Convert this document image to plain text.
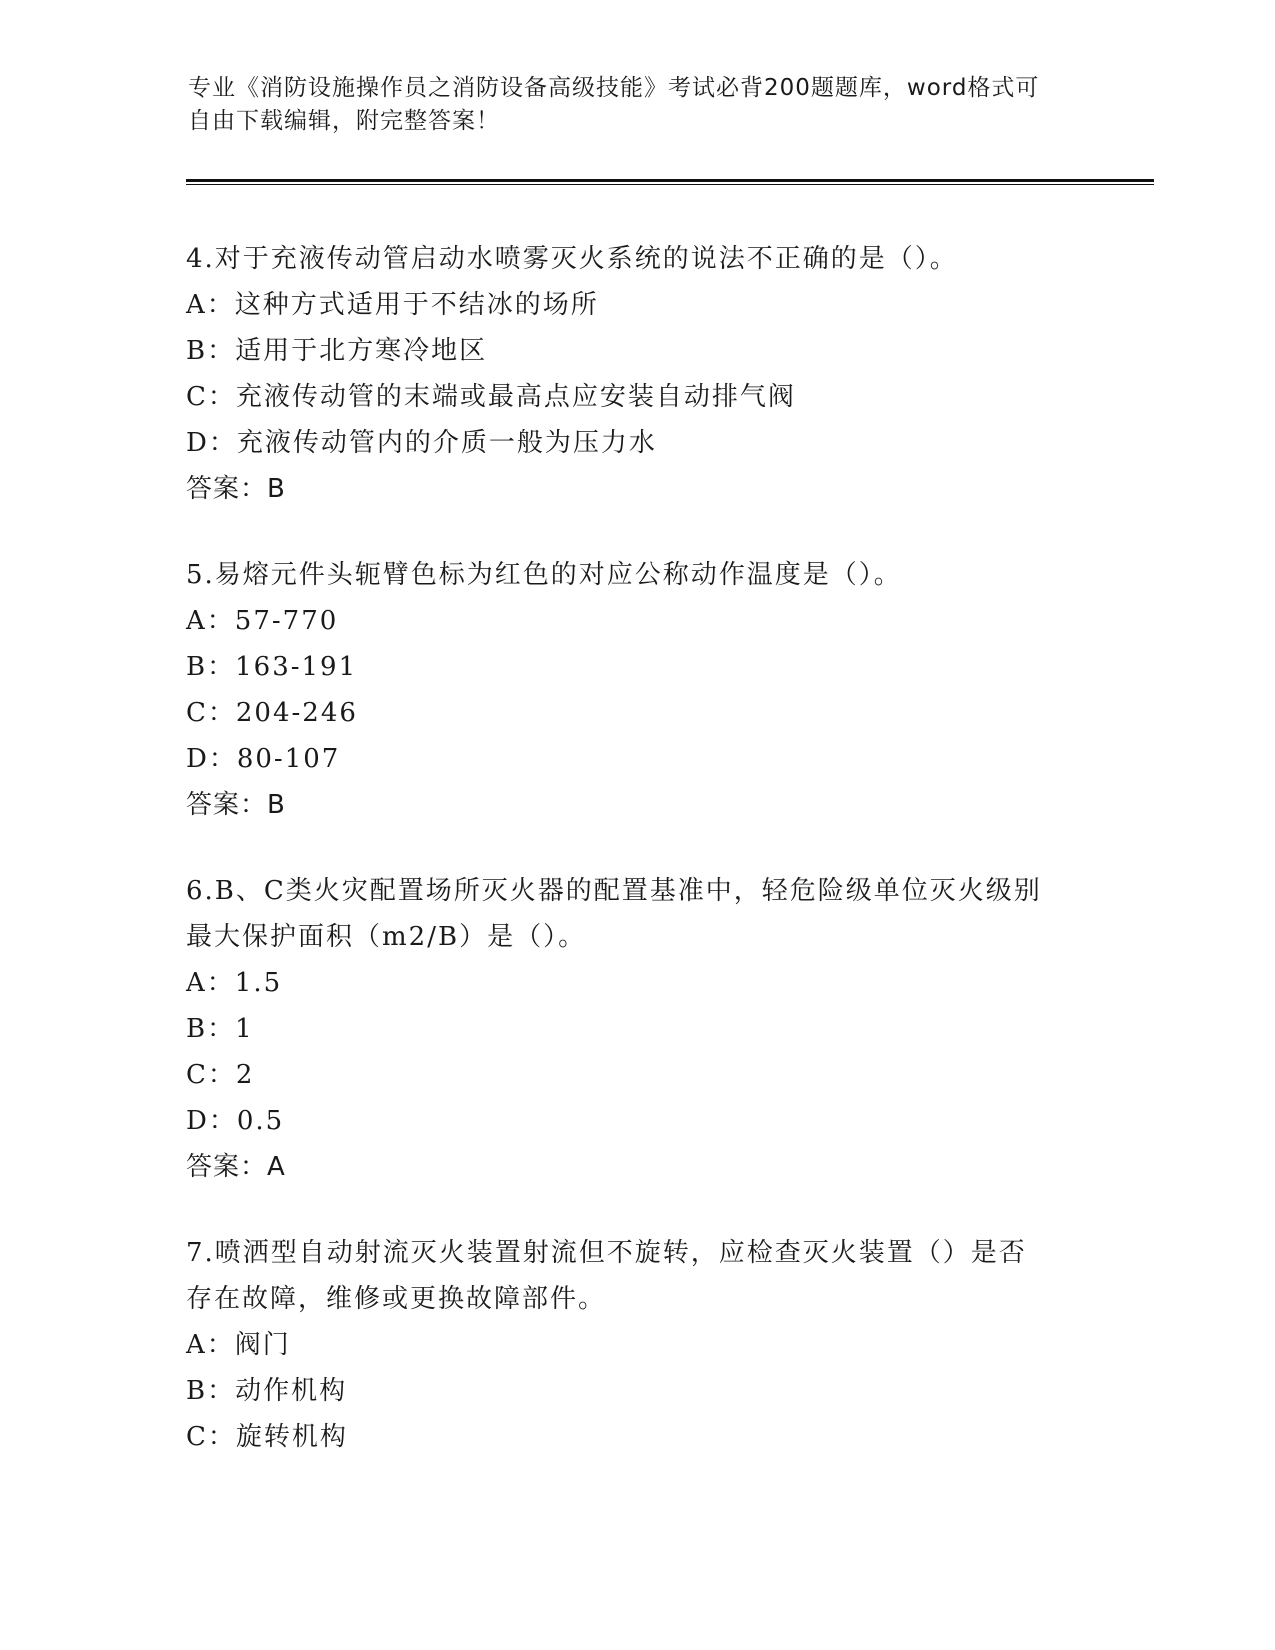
专业《消防设施操作员之消防设备高级技能》考试必背200题题库，word格式可
自由下载编辑，附完整答案！
4.对于充液传动管启动水喷雾灭火系统的说法不正确的是（）。
A：这种方式适用于不结冰的场所
B：适用于北方寒冷地区
C：充液传动管的末端或最高点应安装自动排气阀
D：充液传动管内的介质一般为压力水
答案：B
5.易熔元件头轭臂色标为红色的对应公称动作温度是（）。
A：57-770
B：163-191
C：204-246
D：80-107
答案：B
6.B、C类火灾配置场所灭火器的配置基准中，轻危险级单位灭火级别
最大保护面积（m2/B）是（）。
A：1.5
B：1
C：2
D：0.5
答案：A
7.喷洒型自动射流灭火装置射流但不旋转，应检查灭火装置（）是否
存在故障，维修或更换故障部件。
A：阀门
B：动作机构
C：旋转机构
